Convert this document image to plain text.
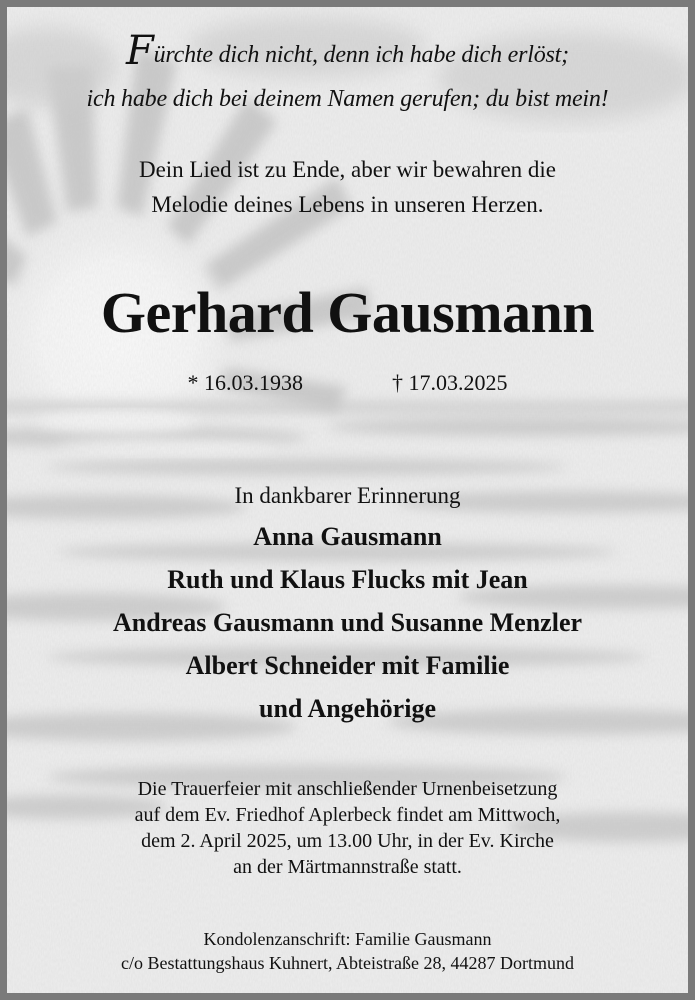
Fürchte dich nicht, denn ich habe dich erlöst;
ich habe dich bei deinem Namen gerufen; du bist mein!
Dein Lied ist zu Ende, aber wir bewahren die
Melodie deines Lebens in unseren Herzen.
Gerhard Gausmann
* 16.03.1938	† 17.03.2025
In dankbarer Erinnerung
Anna Gausmann
Ruth und Klaus Flucks mit Jean
Andreas Gausmann und Susanne Menzler
Albert Schneider mit Familie
und Angehörige
Die Trauerfeier mit anschließender Urnenbeisetzung
auf dem Ev. Friedhof Aplerbeck findet am Mittwoch,
dem 2. April 2025, um 13.00 Uhr, in der Ev. Kirche
an der Märtmannstraße statt.
Kondolenzanschrift: Familie Gausmann
c/o Bestattungshaus Kuhnert, Abteistraße 28, 44287 Dortmund
